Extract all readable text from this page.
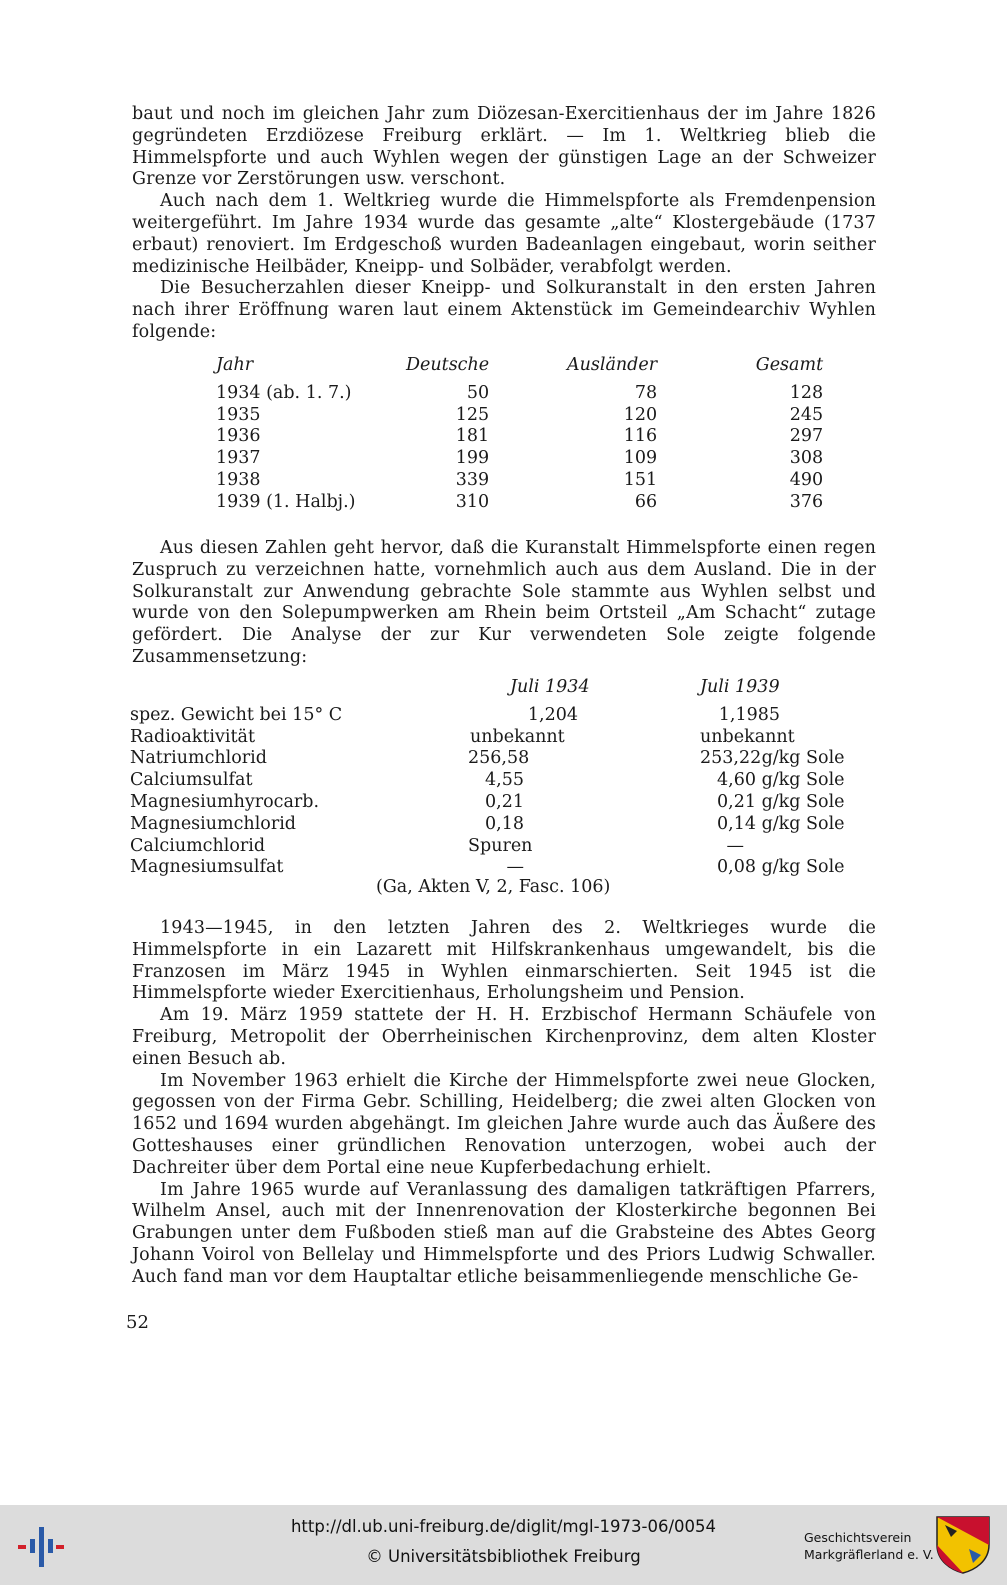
baut und noch im gleichen Jahr zum Diözesan-Exercitienhaus der im Jahre 1826 gegründeten Erzdiözese Freiburg erklärt. — Im 1. Weltkrieg blieb die Himmelspforte und auch Wyhlen wegen der günstigen Lage an der Schweizer Grenze vor Zerstörungen usw. verschont.

Auch nach dem 1. Weltkrieg wurde die Himmelspforte als Fremdenpension weitergeführt. Im Jahre 1934 wurde das gesamte „alte“ Klostergebäude (1737 erbaut) renoviert. Im Erdgeschoß wurden Badeanlagen eingebaut, worin seither medizinische Heilbäder, Kneipp- und Solbäder, verabfolgt werden.

Die Besucherzahlen dieser Kneipp- und Solkuranstalt in den ersten Jahren nach ihrer Eröffnung waren laut einem Aktenstück im Gemeindearchiv Wyhlen folgende:

Jahr	Deutsche	Ausländer	Gesamt
1934 (ab. 1. 7.)	50	78	128
1935	125	120	245
1936	181	116	297
1937	199	109	308
1938	339	151	490
1939 (1. Halbj.)	310	66	376

Aus diesen Zahlen geht hervor, daß die Kuranstalt Himmelspforte einen regen Zuspruch zu verzeichnen hatte, vornehmlich auch aus dem Ausland. Die in der Solkuranstalt zur Anwendung gebrachte Sole stammte aus Wyhlen selbst und wurde von den Solepumpwerken am Rhein beim Ortsteil „Am Schacht“ zutage gefördert. Die Analyse der zur Kur verwendeten Sole zeigte folgende Zusammensetzung:

	Juli 1934	Juli 1939
spez. Gewicht bei 15° C	1,204	1,1985
Radioaktivität	unbekannt	unbekannt
Natriumchlorid	256,58	253,22 g/kg Sole
Calciumsulfat	4,55	4,60 g/kg Sole
Magnesiumhyrocarb.	0,21	0,21 g/kg Sole
Magnesiumchlorid	0,18	0,14 g/kg Sole
Calciumchlorid	Spuren	—
Magnesiumsulfat	—	0,08 g/kg Sole
(Ga, Akten V, 2, Fasc. 106)

1943—1945, in den letzten Jahren des 2. Weltkrieges wurde die Himmelspforte in ein Lazarett mit Hilfskrankenhaus umgewandelt, bis die Franzosen im März 1945 in Wyhlen einmarschierten. Seit 1945 ist die Himmelspforte wieder Exercitienhaus, Erholungsheim und Pension.

Am 19. März 1959 stattete der H. H. Erzbischof Hermann Schäufele von Freiburg, Metropolit der Oberrheinischen Kirchenprovinz, dem alten Kloster einen Besuch ab.

Im November 1963 erhielt die Kirche der Himmelspforte zwei neue Glocken, gegossen von der Firma Gebr. Schilling, Heidelberg; die zwei alten Glocken von 1652 und 1694 wurden abgehängt. Im gleichen Jahre wurde auch das Äußere des Gotteshauses einer gründlichen Renovation unterzogen, wobei auch der Dachreiter über dem Portal eine neue Kupferbedachung erhielt.

Im Jahre 1965 wurde auf Veranlassung des damaligen tatkräftigen Pfarrers, Wilhelm Ansel, auch mit der Innenrenovation der Klosterkirche begonnen Bei Grabungen unter dem Fußboden stieß man auf die Grabsteine des Abtes Georg Johann Voirol von Bellelay und Himmelspforte und des Priors Ludwig Schwaller. Auch fand man vor dem Hauptaltar etliche beisammenliegende menschliche Ge-

52
http://dl.ub.uni-freiburg.de/diglit/mgl-1973-06/0054
© Universitätsbibliothek Freiburg
Geschichtsverein
Markgräflerland e. V.
